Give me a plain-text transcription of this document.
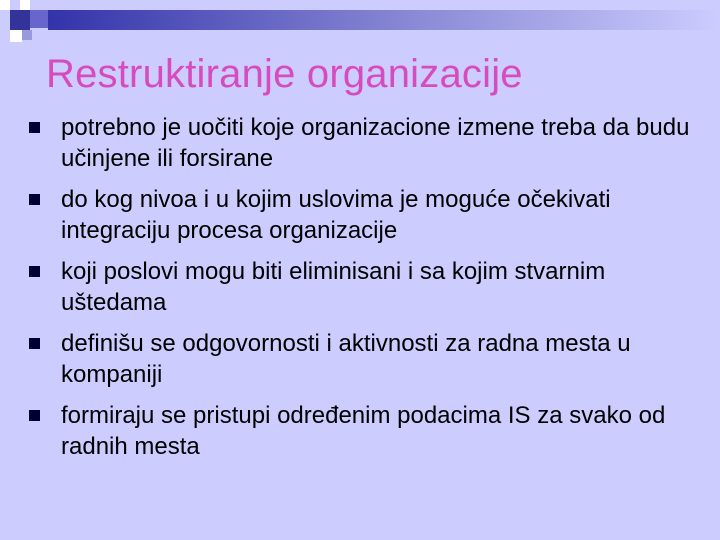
Restruktiranje organizacije
potrebno je uočiti koje organizacione izmene treba da budu učinjene ili forsirane
do kog nivoa i u kojim uslovima je moguće očekivati integraciju procesa organizacije
koji poslovi mogu biti eliminisani i sa kojim stvarnim uštedama
definišu se odgovornosti i aktivnosti za radna mesta u kompaniji
formiraju se pristupi određenim podacima IS za svako od radnih mesta
